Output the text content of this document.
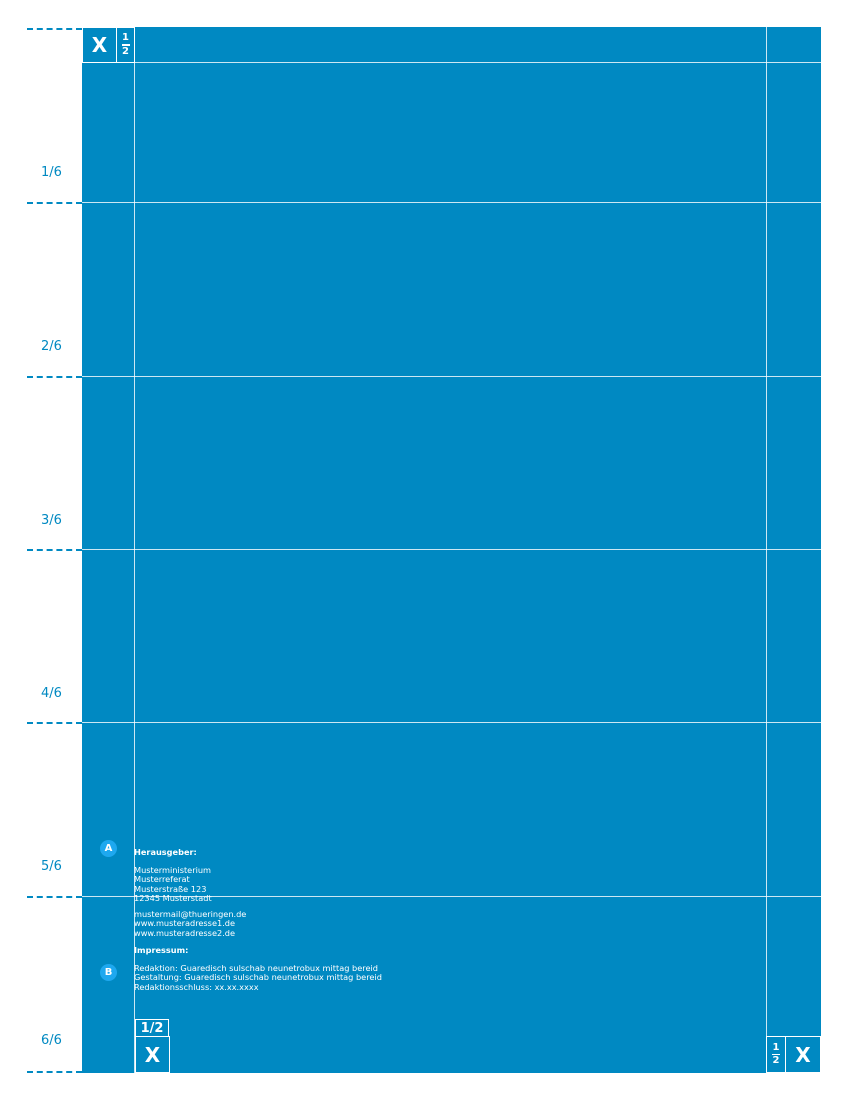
1/6
2/6
3/6
4/6
5/6
6/6
X 1
2
1/2
X	1
2 X
A
B
Herausgeber:
Musterministerium
Musterreferat
Musterstraße 123
12345 Musterstadt
mustermail@thueringen.de
www.musteradresse1.de
www.musteradresse2.de
Impressum:
Redaktion: Guaredisch sulschab neunetrobux mittag bereid
Gestaltung: Guaredisch sulschab neunetrobux mittag bereid
Redaktionsschluss: xx.xx.xxxx
